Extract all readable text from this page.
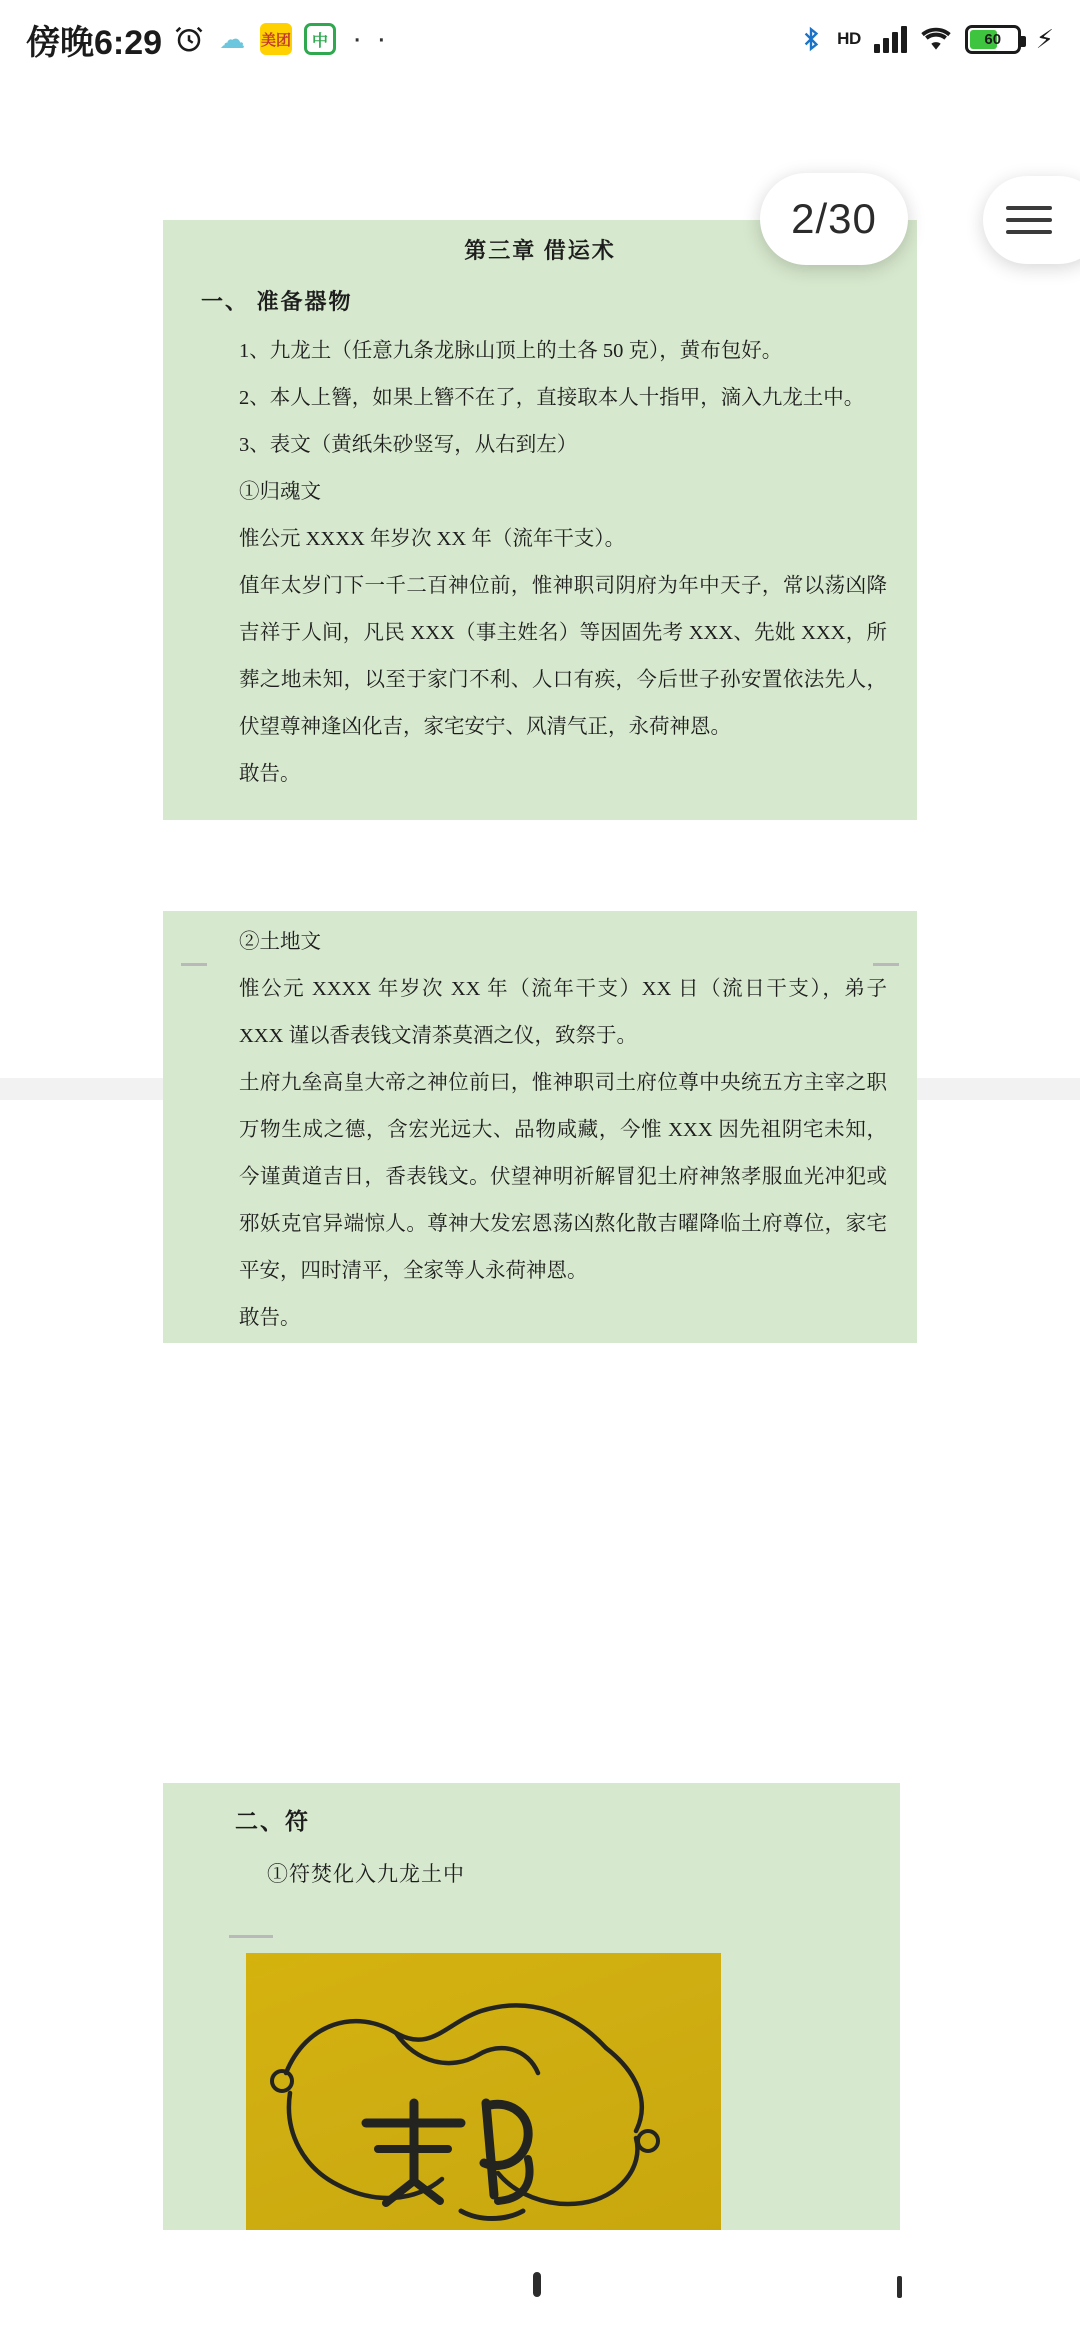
傍晚6:29 ☁ 美团	中 · ·	HD	60	⚡
第三章 借运术
一、 准备器物

1、九龙土（任意九条龙脉山顶上的土各 50 克），黄布包好。

2、本人上簪，如果上簪不在了，直接取本人十指甲，滴入九龙土中。

3、表文（黄纸朱砂竖写，从右到左）

①归魂文

惟公元 XXXX 年岁次 XX 年（流年干支）。

值年太岁门下一千二百神位前，惟神职司阴府为年中天子，常以荡凶降吉祥于人间，凡民 XXX（事主姓名）等因固先考 XXX、先妣 XXX，所葬之地未知，以至于家门不利、人口有疾，今后世子孙安置依法先人，伏望尊神逢凶化吉，家宅安宁、风清气正，永荷神恩。

敢告。

②土地文

惟公元 XXXX 年岁次 XX 年（流年干支）XX 日（流日干支），弟子 XXX 谨以香表钱文清茶莫酒之仪，致祭于。

土府九垒高皇大帝之神位前曰，惟神职司土府位尊中央统五方主宰之职万物生成之德，含宏光远大、品物咸藏，今惟 XXX 因先祖阴宅未知，今谨黄道吉日，香表钱文。伏望神明祈解冒犯土府神煞孝服血光冲犯或邪妖克官异端惊人。尊神大发宏恩荡凶熬化散吉曜降临土府尊位，家宅平安，四时清平，全家等人永荷神恩。

敢告。

二、符
①符焚化入九龙土中
2/30
